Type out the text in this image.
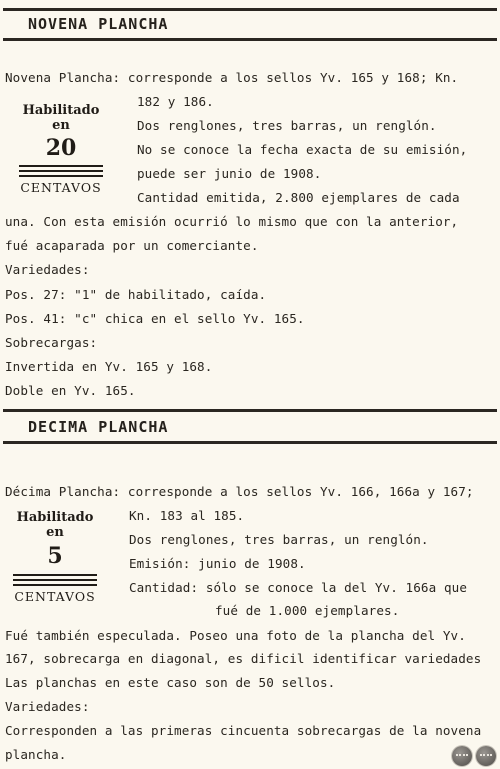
NOVENA PLANCHA
Novena Plancha: corresponde a los sellos Yv. 165 y 168; Kn.
182 y 186.
Dos renglones, tres barras, un renglón.
No se conoce la fecha exacta de su emisión,
puede ser junio de 1908.
Cantidad emitida, 2.800 ejemplares de cada
una. Con esta emisión ocurrió lo mismo que con la anterior,
fué acaparada por un comerciante.
Variedades:
Pos. 27: "1" de habilitado, caída.
Pos. 41: "c" chica en el sello Yv. 165.
Sobrecargas:
Invertida en Yv. 165 y 168.
Doble en Yv. 165.
Habilitado en
20
CENTAVOS
DECIMA PLANCHA
Décima Plancha: corresponde a los sellos Yv. 166, 166a y 167;
Kn. 183 al 185.
Dos renglones, tres barras, un renglón.
Emisión: junio de 1908.
Cantidad: sólo se conoce la del Yv. 166a que
fué de 1.000 ejemplares.
Fué también especulada. Poseo una foto de la plancha del Yv.
167, sobrecarga en diagonal, es dificil identificar variedades
Las planchas en este caso son de 50 sellos.
Variedades:
Corresponden a las primeras cincuenta sobrecargas de la novena
plancha.
Habilitado en
5
CENTAVOS
